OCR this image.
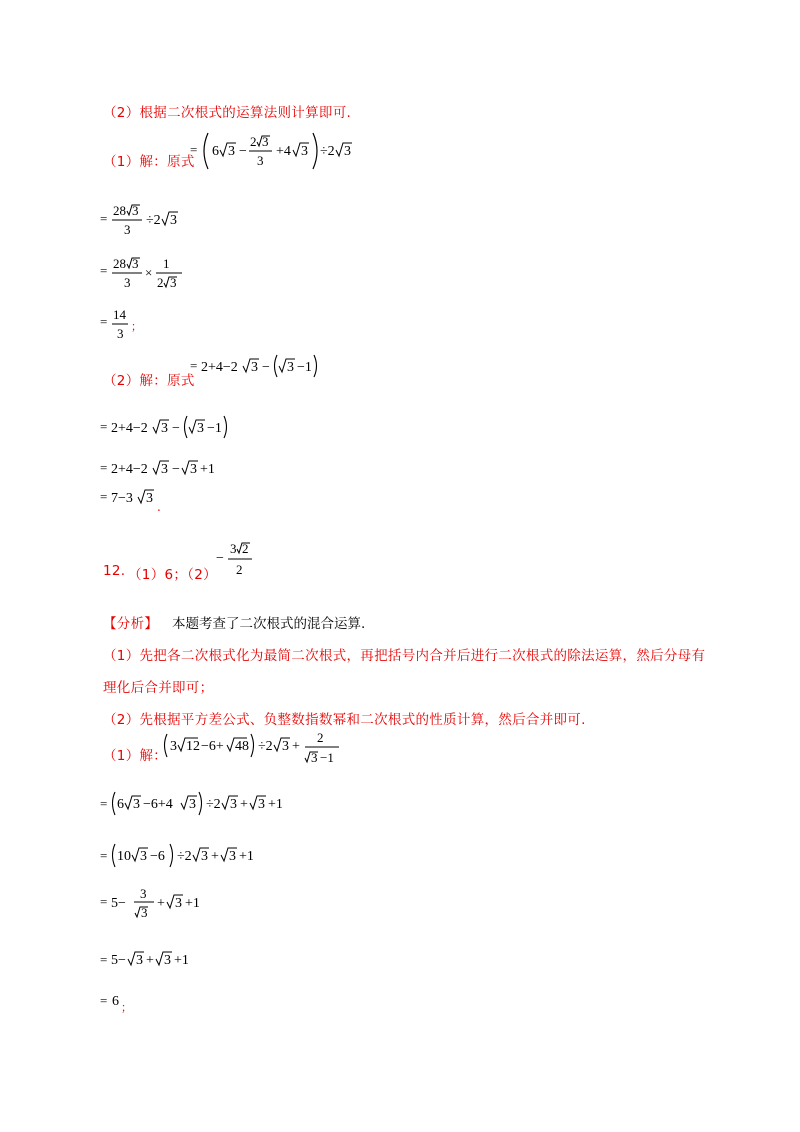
（2）根据二次根式的运算法则计算即可.
（1）解：原式
= 6 3 −
2 3
3
+4 3 ÷2 3
=
28 3
3
÷2 3
= 28 3
3
×
1
2 3
= 14
3 ；
（2）解：原式
= 2+4−2 3 − 3 −1
= 2+4−2 3 − 3 −1
= 2+4−2 3 − 3 +1
= 7−3 3
.
12. （1）6；（2）
−
3 2
2
【分析】 本题考查了二次根式的混合运算.
（1）先把各二次根式化为最简二次根式，再把括号内合并后进行二次根式的除法运算，然后分母有
理化后合并即可；
（2）先根据平方差公式、负整数指数幂和二次根式的性质计算，然后合并即可.
（1）解：
3 12 −6+ 48 ÷2 3 +
2
3 −1
= 6 3 −6+4 3 ÷2 3 + 3 +1
= 10 3 −6 ÷2 3 + 3 +1
= 5−
3
3
+ 3 +1
= 5− 3 + 3 +1
= 6 ；
